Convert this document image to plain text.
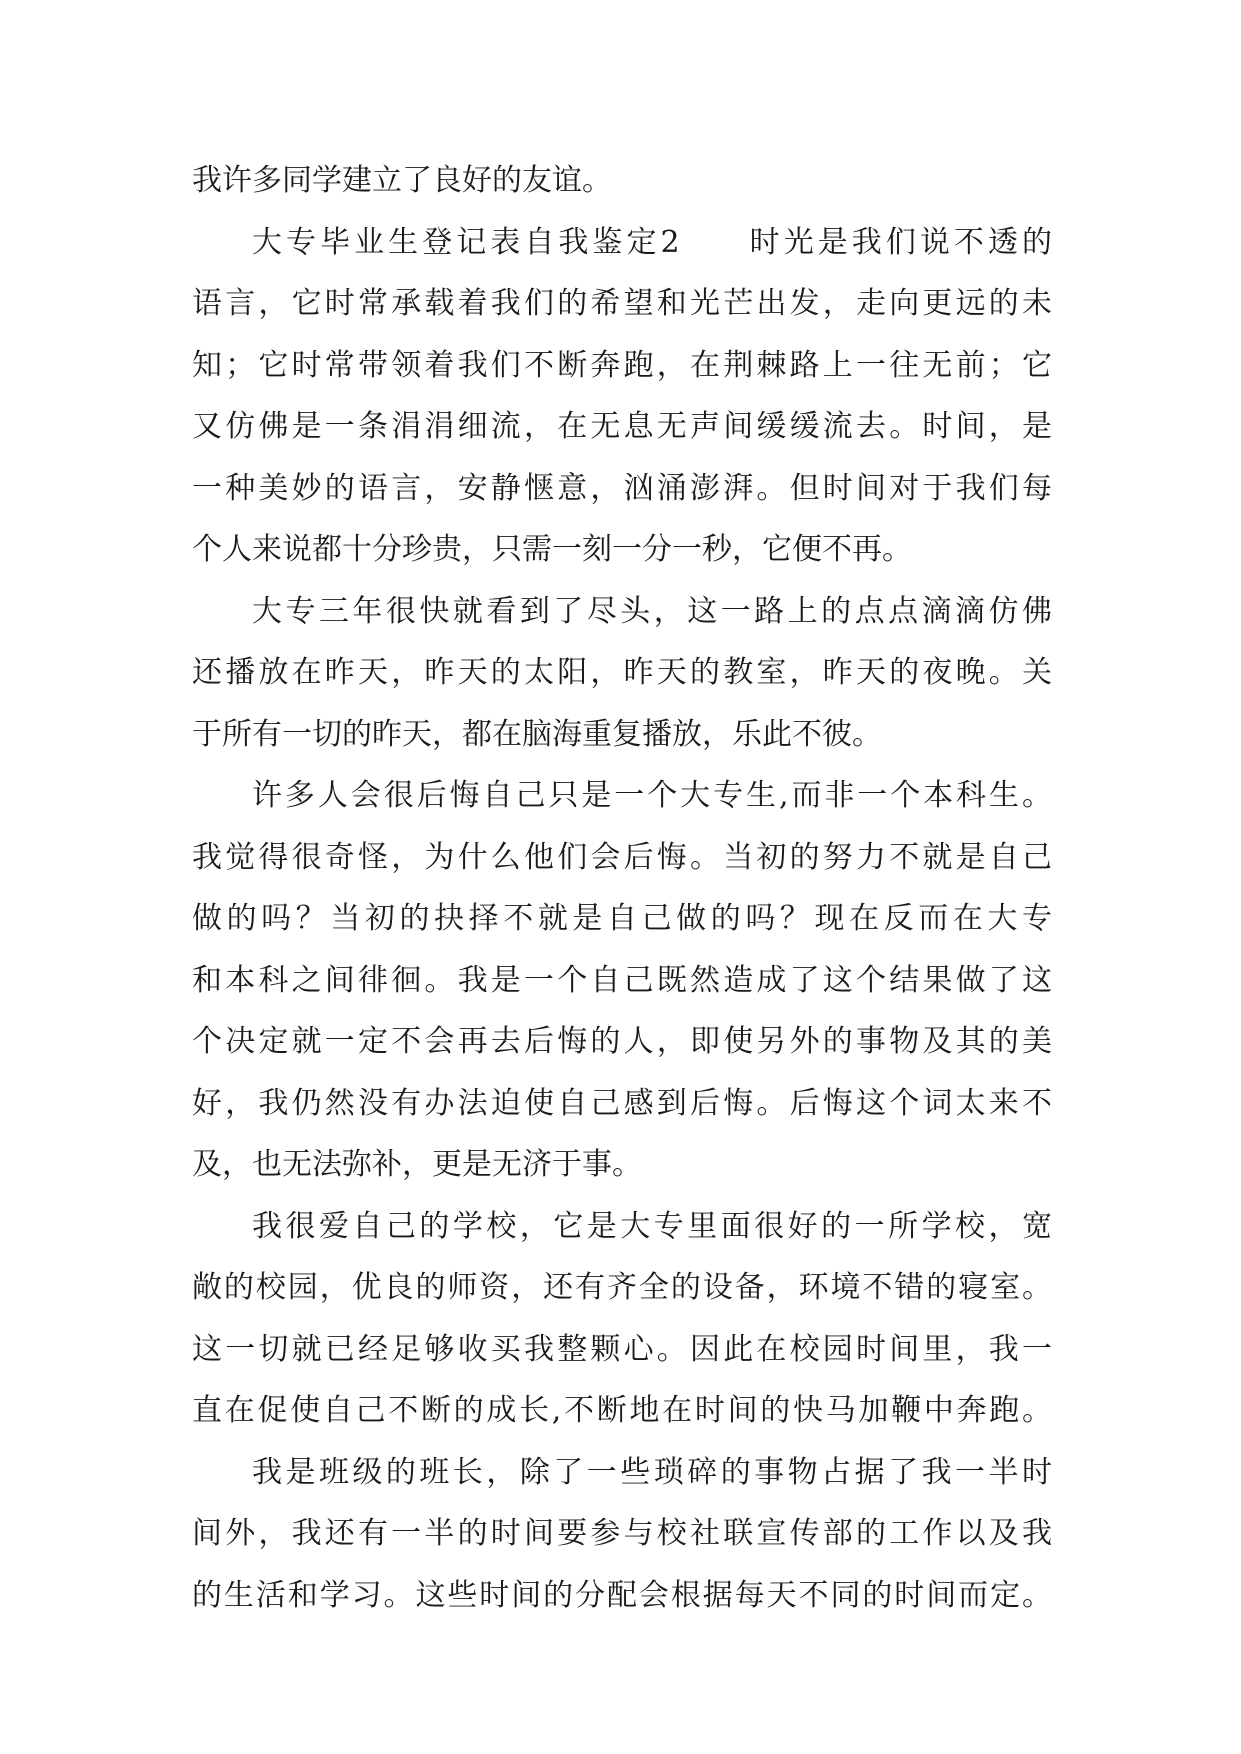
我许多同学建立了良好的友谊。
大专毕业生登记表自我鉴定2 时光是我们说不透的
语言，它时常承载着我们的希望和光芒出发，走向更远的未
知；它时常带领着我们不断奔跑，在荆棘路上一往无前；它
又仿佛是一条涓涓细流，在无息无声间缓缓流去。时间，是
一种美妙的语言，安静惬意，汹涌澎湃。但时间对于我们每
个人来说都十分珍贵，只需一刻一分一秒，它便不再。
大专三年很快就看到了尽头，这一路上的点点滴滴仿佛
还播放在昨天，昨天的太阳，昨天的教室，昨天的夜晚。关
于所有一切的昨天，都在脑海重复播放，乐此不彼。
许多人会很后悔自己只是一个大专生,而非一个本科生。
我觉得很奇怪，为什么他们会后悔。当初的努力不就是自己
做的吗？当初的抉择不就是自己做的吗？现在反而在大专
和本科之间徘徊。我是一个自己既然造成了这个结果做了这
个决定就一定不会再去后悔的人，即使另外的事物及其的美
好，我仍然没有办法迫使自己感到后悔。后悔这个词太来不
及，也无法弥补，更是无济于事。
我很爱自己的学校，它是大专里面很好的一所学校，宽
敞的校园，优良的师资，还有齐全的设备，环境不错的寝室。
这一切就已经足够收买我整颗心。因此在校园时间里，我一
直在促使自己不断的成长,不断地在时间的快马加鞭中奔跑。
我是班级的班长，除了一些琐碎的事物占据了我一半时
间外，我还有一半的时间要参与校社联宣传部的工作以及我
的生活和学习。这些时间的分配会根据每天不同的时间而定。
